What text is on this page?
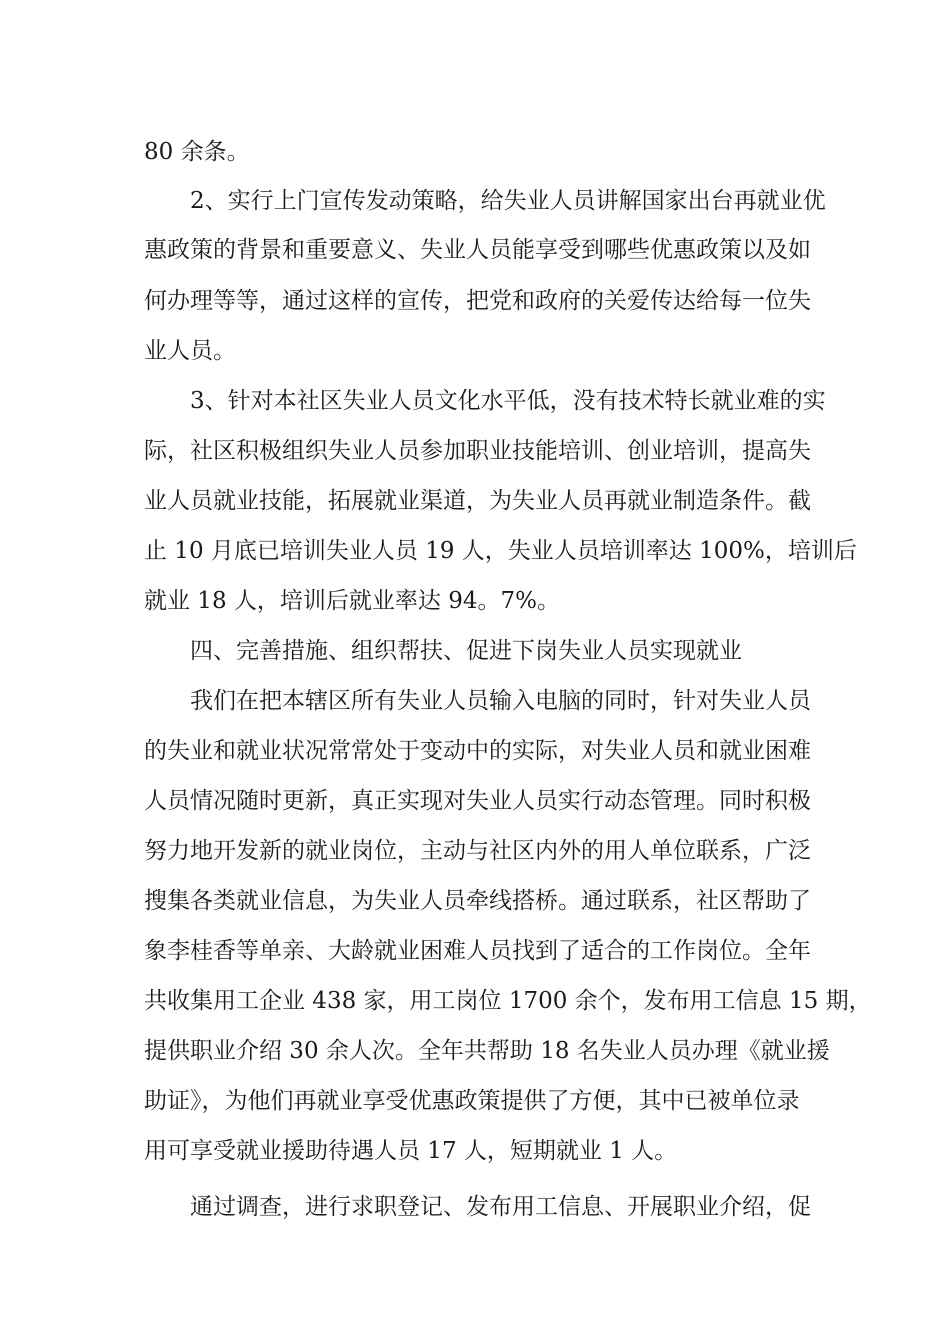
80 余条。
2、实行上门宣传发动策略，给失业人员讲解国家出台再就业优
惠政策的背景和重要意义、失业人员能享受到哪些优惠政策以及如
何办理等等，通过这样的宣传，把党和政府的关爱传达给每一位失
业人员。
3、针对本社区失业人员文化水平低，没有技术特长就业难的实
际，社区积极组织失业人员参加职业技能培训、创业培训，提高失
业人员就业技能，拓展就业渠道，为失业人员再就业制造条件。截
止 10 月底已培训失业人员 19 人，失业人员培训率达 100%，培训后
就业 18 人，培训后就业率达 94。7%。
四、完善措施、组织帮扶、促进下岗失业人员实现就业
我们在把本辖区所有失业人员输入电脑的同时，针对失业人员
的失业和就业状况常常处于变动中的实际，对失业人员和就业困难
人员情况随时更新，真正实现对失业人员实行动态管理。同时积极
努力地开发新的就业岗位，主动与社区内外的用人单位联系，广泛
搜集各类就业信息，为失业人员牵线搭桥。通过联系，社区帮助了
象李桂香等单亲、大龄就业困难人员找到了适合的工作岗位。全年
共收集用工企业 438 家，用工岗位 1700 余个，发布用工信息 15 期，
提供职业介绍 30 余人次。全年共帮助 18 名失业人员办理《就业援
助证》，为他们再就业享受优惠政策提供了方便，其中已被单位录
用可享受就业援助待遇人员 17 人，短期就业 1 人。
通过调查，进行求职登记、发布用工信息、开展职业介绍，促
